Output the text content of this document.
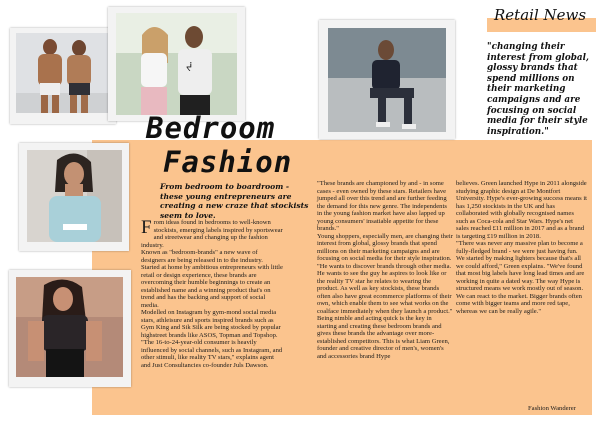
Retail News
ᔫ
Bedroom
Fashion
"changing their interest from global, glossy brands that spend millions on their marketing campaigns and are focusing on social media for their style inspiration."
From bedroom to boardroom - these young entrepreneurs are creating a new craze that stockists seem to love.
F rom ideas found in bedrooms to well-known stockists, emerging labels inspired by sportswear and streetwear and changing up the fashion industry.

Known as "bedroom-brands" a new wave of designers are being released in to the industry. Started at home by ambitious entrepreneurs with little retail or design experience, these brands are overcoming their humble beginnings to create an established name and a winning product that's on trend and has the backing and support of social media.

Modelled on Instagram by gym-mond social media stars, athleisure and sports inspired brands such as Gym King and Sik Silk are being stocked by popular highstreet brands like ASOS, Topman and Topshop.

"The 16-to-24-year-old consumer is heavily influenced by social channels, such as Instagram, and other stimuli, like reality TV stars," explains agent and Just Consultancies co-founder Juls Dawson.

"These brands are championed by and - in some cases - even owned by these stars. Retailers have jumped all over this trend and are further feeding the demand for this new genre. The independents in the young fashion market have also lapped up young consumers' insatiable appetite for these brands."

Young shoppers, especially men, are changing their interest from global, glossy brands that spend millions on their marketing campaigns and are focusing on social media for their style inspiration.

"He wants to discover brands through other media. He wants to see the guy he aspires to look like or the reality TV star he relates to wearing the product. As well as key stockists, these brands often also have great ecommerce platforms of their own, which enable them to see what works on the coalface immediately when they launch a product."

Being nimble and acting quick is the key in starting and creating these bedroom brands and gives these brands the advantage over more-established competitors. This is what Liam Green, founder and creative director of men's, women's and accessories brand Hype

believes. Green launched Hype in 2011 alongside studying graphic design at De Montfort University. Hype's ever-growing success means it has 1,250 stockists in the UK and has collaborated with globally recognised names such as Coca-cola and Star Wars. Hype's net sales reached £11 million in 2017 and as a brand is targeting £19 million in 2018.

"There was never any massive plan to become a fully-fledged brand - we were just having fun. We started by making lighters because that's all we could afford," Green explains. "We've found that most big labels have long lead times and are working in quite a dated way. The way Hype is structured means we work mostly out of season. We can react to the market. Bigger brands often come with bigger teams and more red tape, whereas we can be really agile."

Fashion Wanderer
